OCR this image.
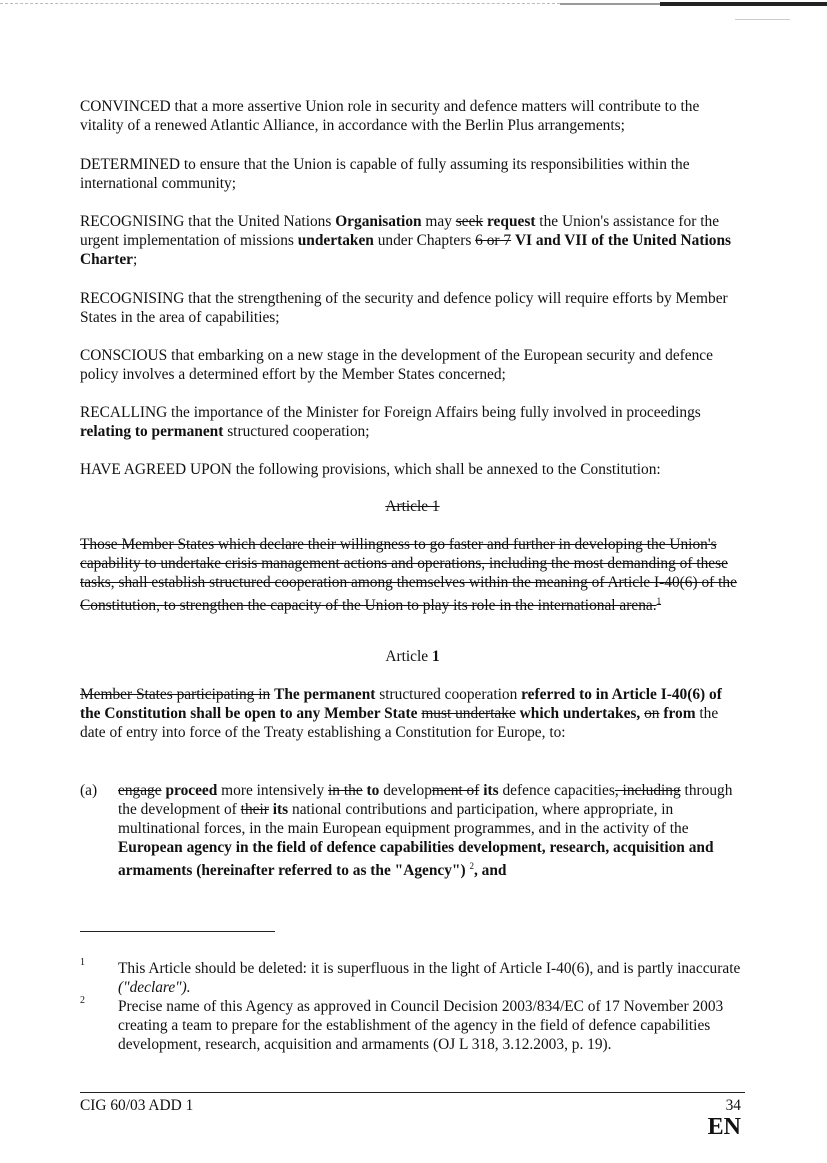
CONVINCED that a more assertive Union role in security and defence matters will contribute to the vitality of a renewed Atlantic Alliance, in accordance with the Berlin Plus arrangements;

DETERMINED to ensure that the Union is capable of fully assuming its responsibilities within the international community;

RECOGNISING that the United Nations Organisation may seek request the Union's assistance for the urgent implementation of missions undertaken under Chapters 6 or 7 VI and VII of the United Nations Charter;

RECOGNISING that the strengthening of the security and defence policy will require efforts by Member States in the area of capabilities;

CONSCIOUS that embarking on a new stage in the development of the European security and defence policy involves a determined effort by the Member States concerned;

RECALLING the importance of the Minister for Foreign Affairs being fully involved in proceedings relating to permanent structured cooperation;

HAVE AGREED UPON the following provisions, which shall be annexed to the Constitution:

Article 1

Those Member States which declare their willingness to go faster and further in developing the Union's capability to undertake crisis management actions and operations, including the most demanding of these tasks, shall establish structured cooperation among themselves within the meaning of Article I-40(6) of the Constitution, to strengthen the capacity of the Union to play its role in the international arena.$^1$

Article 1

Member States participating in The permanent structured cooperation referred to in Article I-40(6) of the Constitution shall be open to any Member State must undertake which undertakes, on from the date of entry into force of the Treaty establishing a Constitution for Europe, to:

(a) engage proceed more intensively in the to development of its defence capacities, including through the development of their its national contributions and participation, where appropriate, in multinational forces, in the main European equipment programmes, and in the activity of the European agency in the field of defence capabilities development, research, acquisition and armaments (hereinafter referred to as the "Agency") $^2$, and

1 This Article should be deleted: it is superfluous in the light of Article I-40(6), and is partly inaccurate ("declare").

2 Precise name of this Agency as approved in Council Decision 2003/834/EC of 17 November 2003 creating a team to prepare for the establishment of the agency in the field of defence capabilities development, research, acquisition and armaments (OJ L 318, 3.12.2003, p. 19).

CIG 60/03 ADD 1	34
EN
